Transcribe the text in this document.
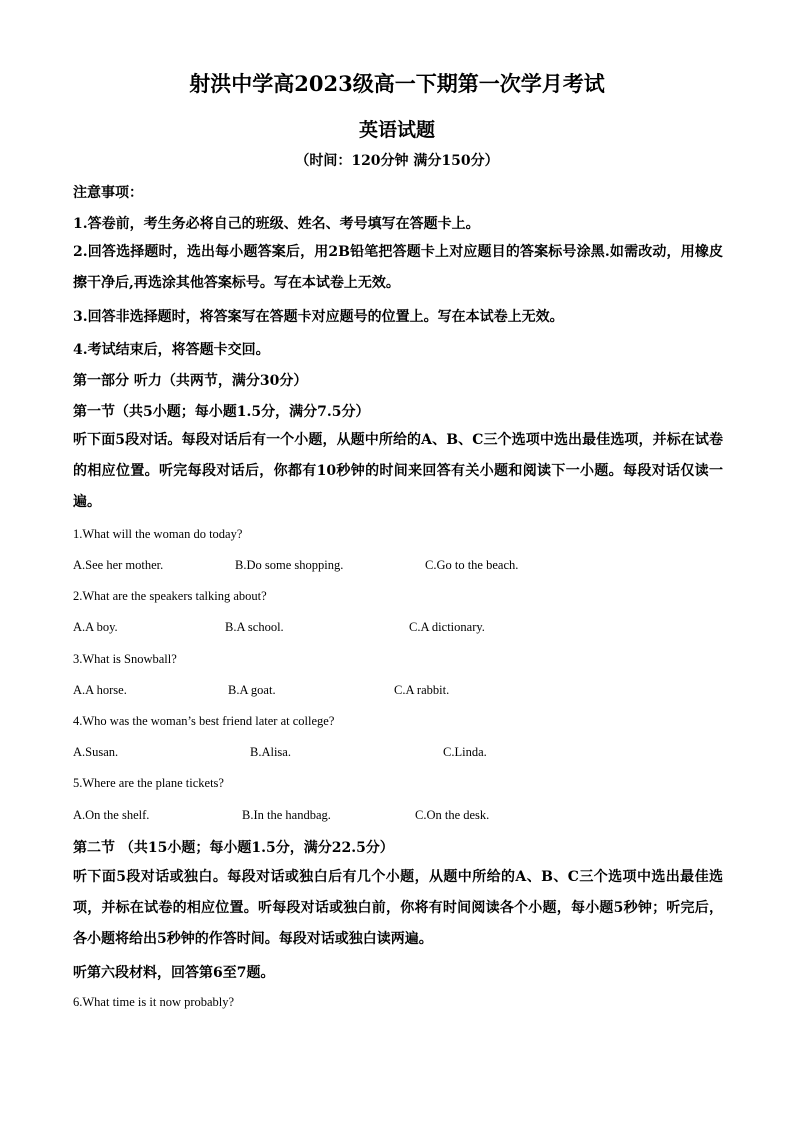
射洪中学高2023级高一下期第一次学月考试
英语试题
（时间：120分钟 满分150分）
注意事项：
1.答卷前，考生务必将自己的班级、姓名、考号填写在答题卡上。
2.回答选择题时，选出每小题答案后，用2B铅笔把答题卡上对应题目的答案标号涂黑.如需改动，用橡皮擦干净后,再选涂其他答案标号。写在本试卷上无效。
3.回答非选择题时，将答案写在答题卡对应题号的位置上。写在本试卷上无效。
4.考试结束后，将答题卡交回。
第一部分 听力（共两节，满分30分）
第一节（共5小题；每小题1.5分，满分7.5分）
听下面5段对话。每段对话后有一个小题，从题中所给的A、B、C三个选项中选出最佳选项，并标在试卷的相应位置。听完每段对话后，你都有10秒钟的时间来回答有关小题和阅读下一小题。每段对话仅读一遍。
1.What will the woman do today?
A.See her mother.	B.Do some shopping.	C.Go to the beach.
2.What are the speakers talking about?
A.A boy.	B.A school.	C.A dictionary.
3.What is Snowball?
A.A horse.	B.A goat.	C.A rabbit.
4.Who was the woman’s best friend later at college?
A.Susan.	B.Alisa.	C.Linda.
5.Where are the plane tickets?
A.On the shelf.	B.In the handbag.	C.On the desk.
第二节 （共15小题；每小题1.5分，满分22.5分）
听下面5段对话或独白。每段对话或独白后有几个小题，从题中所给的A、B、C三个选项中选出最佳选项，并标在试卷的相应位置。听每段对话或独白前，你将有时间阅读各个小题，每小题5秒钟；听完后，各小题将给出5秒钟的作答时间。每段对话或独白读两遍。
听第六段材料，回答第6至7题。
6.What time is it now probably?
